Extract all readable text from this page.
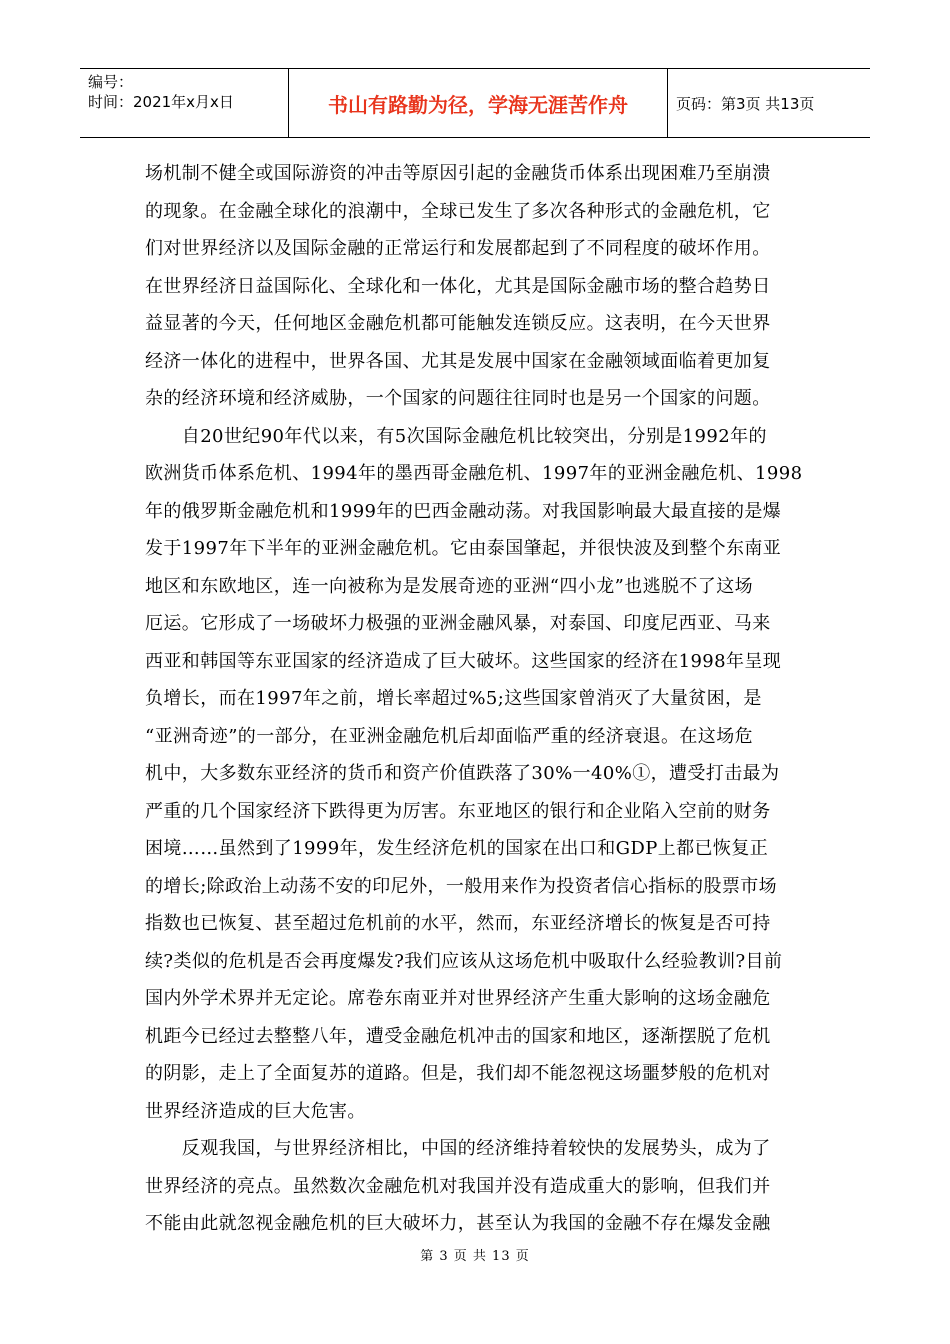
编号：
时间：2021年x月x日	书山有路勤为径，学海无涯苦作舟	页码：第3页 共13页
场机制不健全或国际游资的冲击等原因引起的金融货币体系出现困难乃至崩溃
的现象。在金融全球化的浪潮中，全球已发生了多次各种形式的金融危机，它
们对世界经济以及国际金融的正常运行和发展都起到了不同程度的破坏作用。
在世界经济日益国际化、全球化和一体化，尤其是国际金融市场的整合趋势日
益显著的今天，任何地区金融危机都可能触发连锁反应。这表明，在今天世界
经济一体化的进程中，世界各国、尤其是发展中国家在金融领域面临着更加复
杂的经济环境和经济威胁，一个国家的问题往往同时也是另一个国家的问题。
　　自20世纪90年代以来，有5次国际金融危机比较突出，分别是1992年的
欧洲货币体系危机、1994年的墨西哥金融危机、1997年的亚洲金融危机、1998
年的俄罗斯金融危机和1999年的巴西金融动荡。对我国影响最大最直接的是爆
发于1997年下半年的亚洲金融危机。它由泰国肇起，并很快波及到整个东南亚
地区和东欧地区，连一向被称为是发展奇迹的亚洲“四小龙”也逃脱不了这场
厄运。它形成了一场破坏力极强的亚洲金融风暴，对泰国、印度尼西亚、马来
西亚和韩国等东亚国家的经济造成了巨大破坏。这些国家的经济在1998年呈现
负增长，而在1997年之前，增长率超过%5;这些国家曾消灭了大量贫困，是
“亚洲奇迹”的一部分，在亚洲金融危机后却面临严重的经济衰退。在这场危
机中，大多数东亚经济的货币和资产价值跌落了30%一40%①，遭受打击最为
严重的几个国家经济下跌得更为厉害。东亚地区的银行和企业陷入空前的财务
困境……虽然到了1999年，发生经济危机的国家在出口和GDP上都已恢复正
的增长;除政治上动荡不安的印尼外，一般用来作为投资者信心指标的股票市场
指数也已恢复、甚至超过危机前的水平，然而，东亚经济增长的恢复是否可持
续?类似的危机是否会再度爆发?我们应该从这场危机中吸取什么经验教训?目前
国内外学术界并无定论。席卷东南亚并对世界经济产生重大影响的这场金融危
机距今已经过去整整八年，遭受金融危机冲击的国家和地区，逐渐摆脱了危机
的阴影，走上了全面复苏的道路。但是，我们却不能忽视这场噩梦般的危机对
世界经济造成的巨大危害。
　　反观我国，与世界经济相比，中国的经济维持着较快的发展势头，成为了
世界经济的亮点。虽然数次金融危机对我国并没有造成重大的影响，但我们并
不能由此就忽视金融危机的巨大破坏力，甚至认为我国的金融不存在爆发金融
第 3 页 共 13 页
